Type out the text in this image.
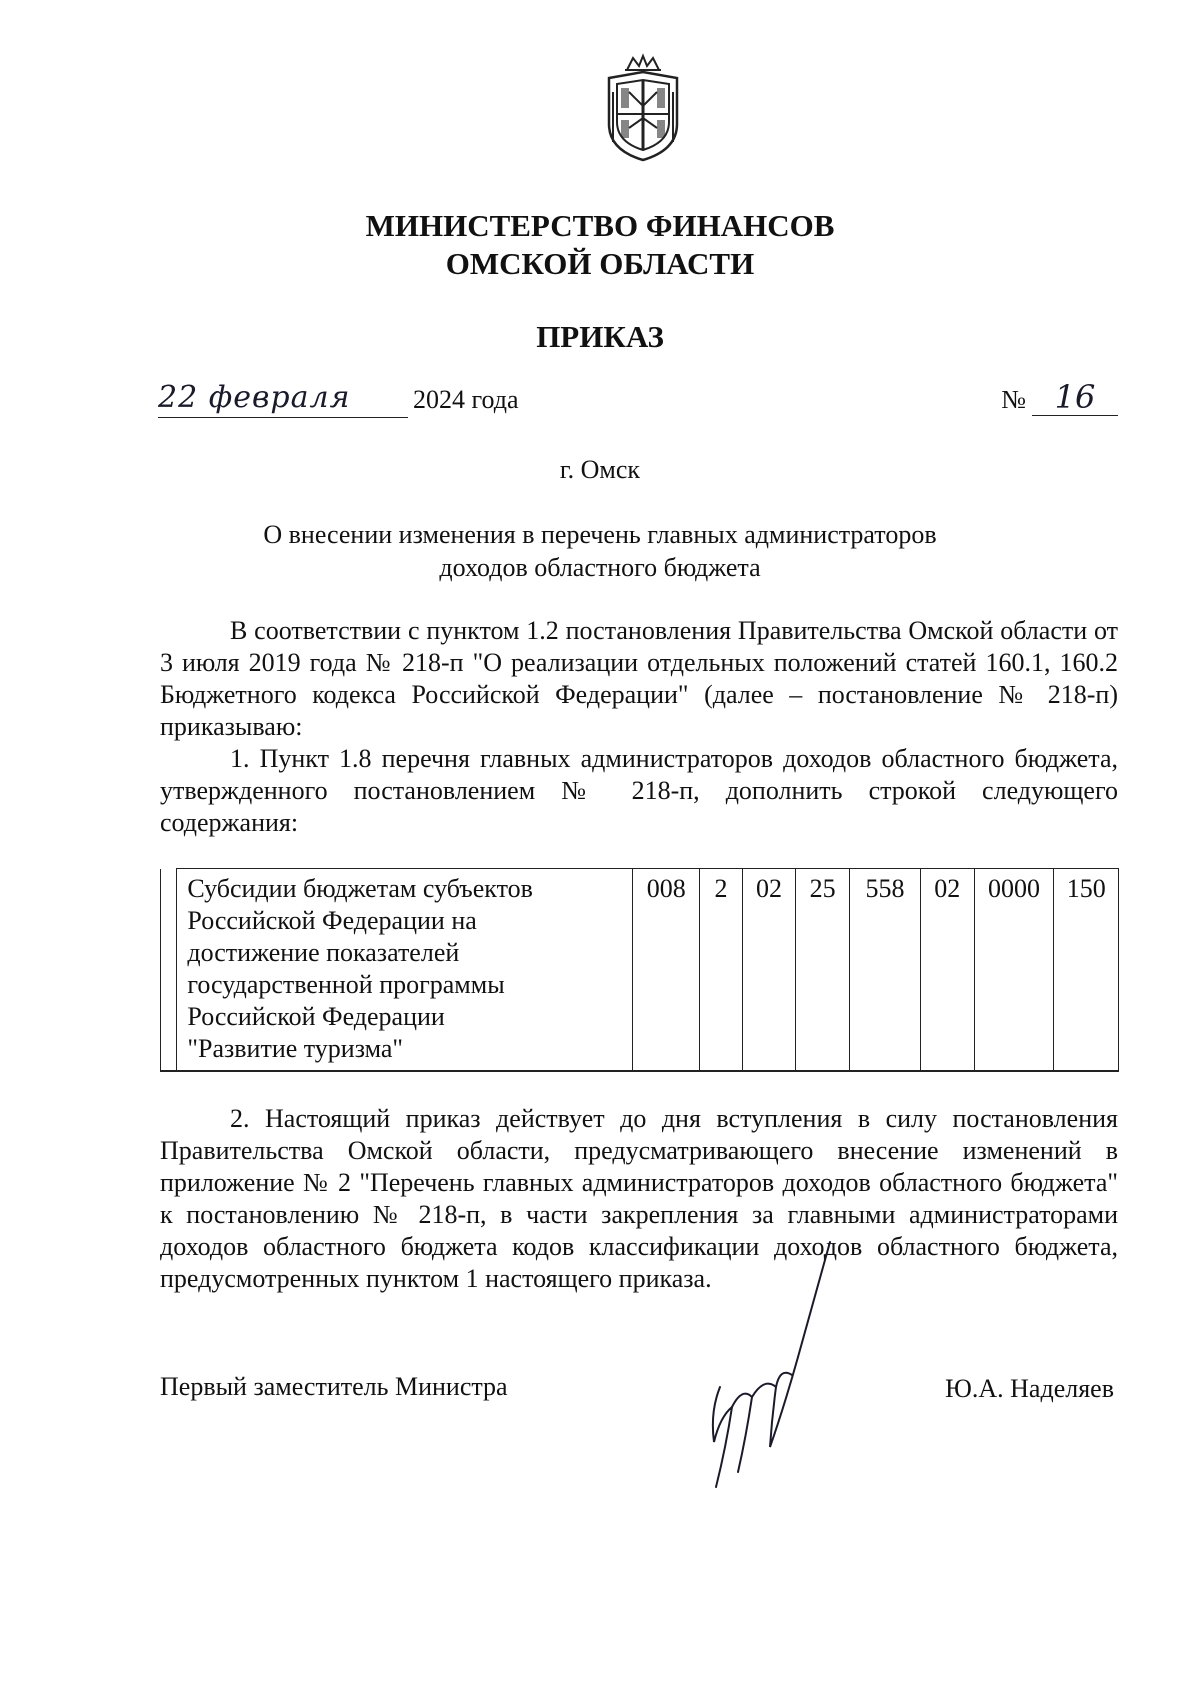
МИНИСТЕРСТВО ФИНАНСОВ
ОМСКОЙ ОБЛАСТИ
ПРИКАЗ
22 февраля	2024 года	№ 16
г. Омск
О внесении изменения в перечень главных администраторов
доходов областного бюджета

В соответствии с пунктом 1.2 постановления Правительства Омской области от 3 июля 2019 года № 218-п "О реализации отдельных положений статей 160.1, 160.2 Бюджетного кодекса Российской Федерации" (далее – постановление № 218-п) приказываю:

1. Пункт 1.8 перечня главных администраторов доходов областного бюджета, утвержденного постановлением № 218-п, дополнить строкой следующего содержания:

Субсидии бюджетам субъектов
Российской Федерации на
достижение показателей
государственной программы
Российской Федерации
"Развитие туризма"
	008	2	02	25	558	02	0000	150

2. Настоящий приказ действует до дня вступления в силу постановления Правительства Омской области, предусматривающего внесение изменений в приложение № 2 "Перечень главных администраторов доходов областного бюджета" к постановлению № 218-п, в части закрепления за главными администраторами доходов областного бюджета кодов классификации доходов областного бюджета, предусмотренных пунктом 1 настоящего приказа.

Первый заместитель Министра	Ю.А. Наделяев
